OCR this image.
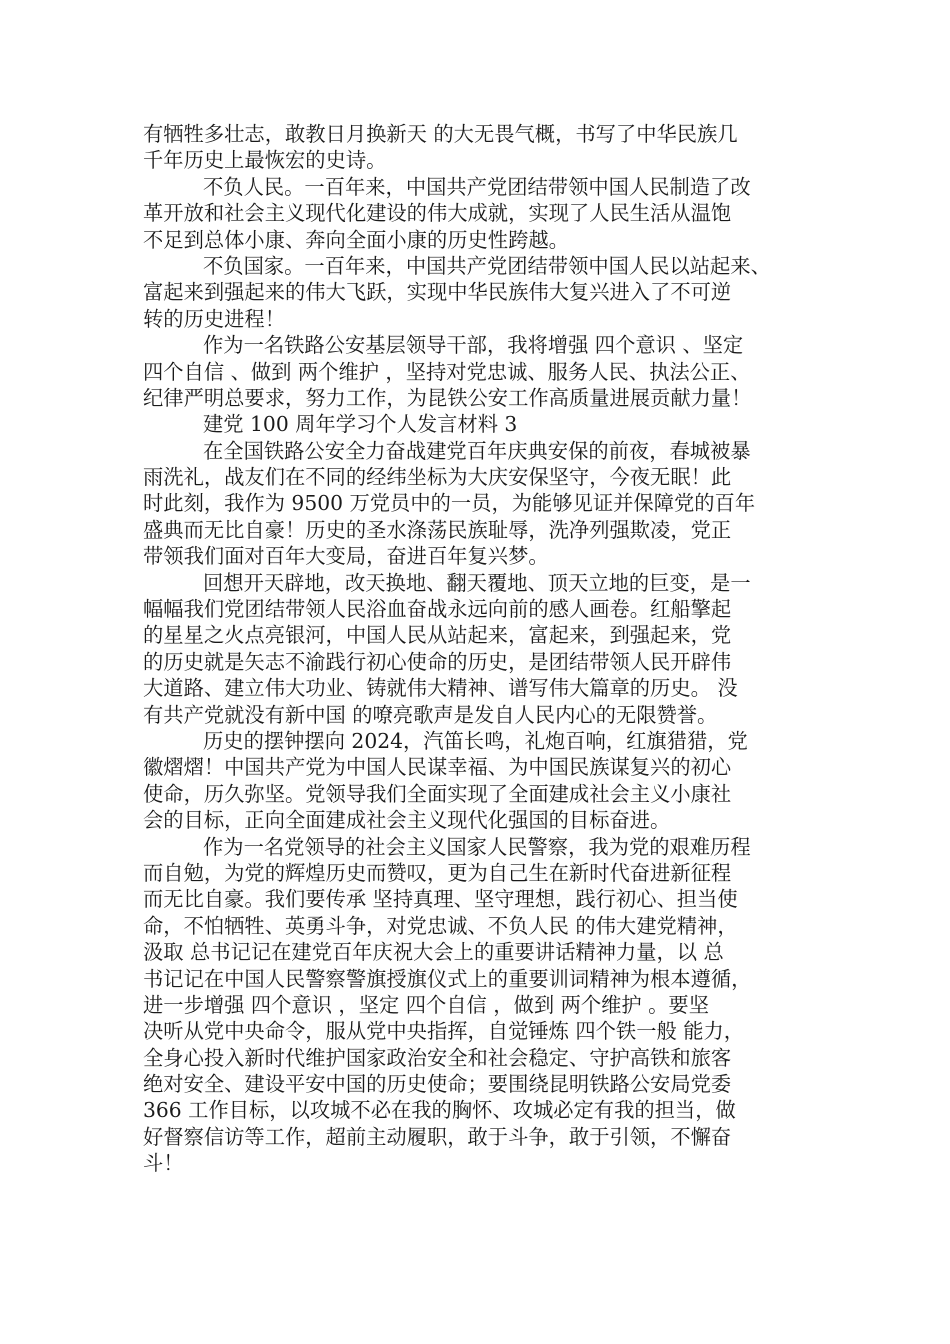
有牺牲多壮志，敢教日月换新天 的大无畏气概，书写了中华民族几
千年历史上最恢宏的史诗。
不负人民。一百年来，中国共产党团结带领中国人民制造了改
革开放和社会主义现代化建设的伟大成就，实现了人民生活从温饱
不足到总体小康、奔向全面小康的历史性跨越。
不负国家。一百年来，中国共产党团结带领中国人民以站起来、
富起来到强起来的伟大飞跃，实现中华民族伟大复兴进入了不可逆
转的历史进程！
作为一名铁路公安基层领导干部，我将增强 四个意识 、坚定
四个自信 、做到 两个维护 ，坚持对党忠诚、服务人民、执法公正、
纪律严明总要求，努力工作，为昆铁公安工作高质量进展贡献力量！
建党 100 周年学习个人发言材料 3
在全国铁路公安全力奋战建党百年庆典安保的前夜，春城被暴
雨洗礼，战友们在不同的经纬坐标为大庆安保坚守，今夜无眠！此
时此刻，我作为 9500 万党员中的一员，为能够见证并保障党的百年
盛典而无比自豪！历史的圣水涤荡民族耻辱，洗净列强欺凌，党正
带领我们面对百年大变局，奋进百年复兴梦。
回想开天辟地，改天换地、翻天覆地、顶天立地的巨变，是一
幅幅我们党团结带领人民浴血奋战永远向前的感人画卷。红船擎起
的星星之火点亮银河，中国人民从站起来，富起来，到强起来，党
的历史就是矢志不渝践行初心使命的历史，是团结带领人民开辟伟
大道路、建立伟大功业、铸就伟大精神、谱写伟大篇章的历史。 没
有共产党就没有新中国 的嘹亮歌声是发自人民内心的无限赞誉。
历史的摆钟摆向 2024，汽笛长鸣，礼炮百响，红旗猎猎，党
徽熠熠！中国共产党为中国人民谋幸福、为中国民族谋复兴的初心
使命，历久弥坚。党领导我们全面实现了全面建成社会主义小康社
会的目标，正向全面建成社会主义现代化强国的目标奋进。
作为一名党领导的社会主义国家人民警察，我为党的艰难历程
而自勉，为党的辉煌历史而赞叹，更为自己生在新时代奋进新征程
而无比自豪。我们要传承 坚持真理、坚守理想，践行初心、担当使
命，不怕牺牲、英勇斗争，对党忠诚、不负人民 的伟大建党精神，
汲取 总书记记在建党百年庆祝大会上的重要讲话精神力量，以 总
书记记在中国人民警察警旗授旗仪式上的重要训词精神为根本遵循，
进一步增强 四个意识 ，坚定 四个自信 ，做到 两个维护 。要坚
决听从党中央命令，服从党中央指挥，自觉锤炼 四个铁一般 能力，
全身心投入新时代维护国家政治安全和社会稳定、守护高铁和旅客
绝对安全、建设平安中国的历史使命；要围绕昆明铁路公安局党委
366 工作目标，以攻城不必在我的胸怀、攻城必定有我的担当，做
好督察信访等工作，超前主动履职，敢于斗争，敢于引领，不懈奋
斗！
